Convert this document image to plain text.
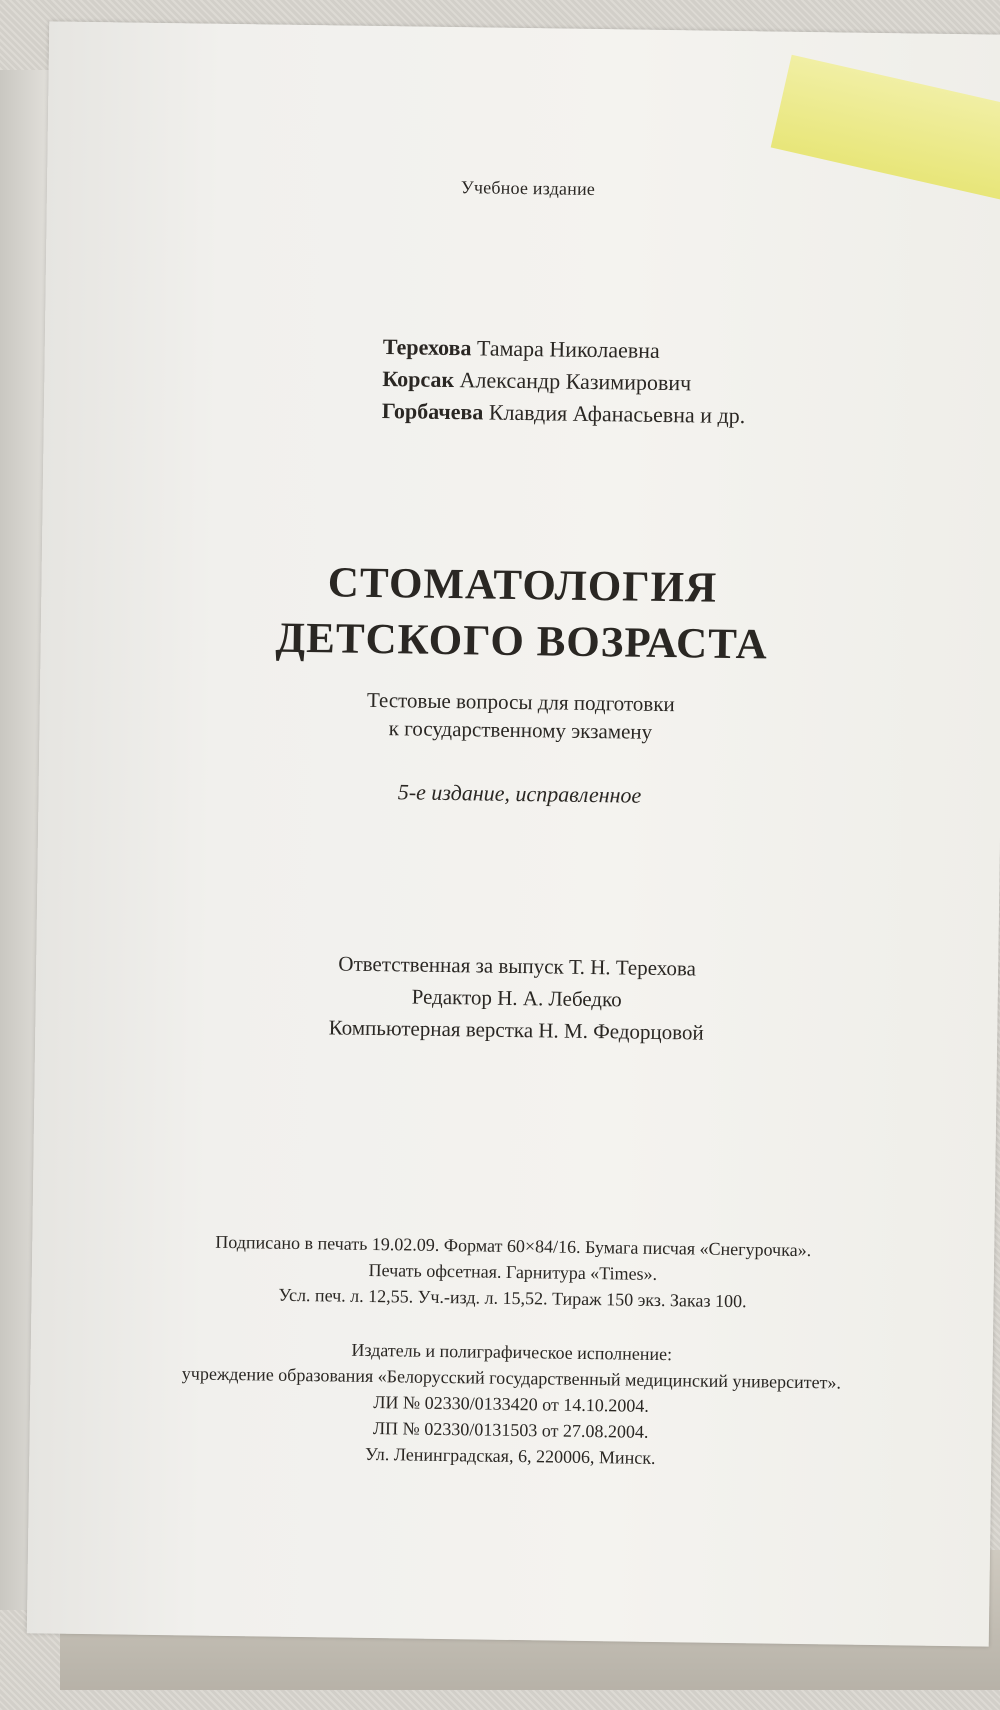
Учебное издание
Терехова Тамара Николаевна
Корсак Александр Казимирович
Горбачева Клавдия Афанасьевна и др.
СТОМАТОЛОГИЯ
ДЕТСКОГО ВОЗРАСТА
Тестовые вопросы для подготовки
к государственному экзамену
5-е издание, исправленное
Ответственная за выпуск Т. Н. Терехова
Редактор Н. А. Лебедко
Компьютерная верстка Н. М. Федорцовой
Подписано в печать 19.02.09. Формат 60×84/16. Бумага писчая «Снегурочка».
Печать офсетная. Гарнитура «Times».
Усл. печ. л. 12,55. Уч.-изд. л. 15,52. Тираж 150 экз. Заказ 100.
Издатель и полиграфическое исполнение:
учреждение образования «Белорусский государственный медицинский университет».
ЛИ № 02330/0133420 от 14.10.2004.
ЛП № 02330/0131503 от 27.08.2004.
Ул. Ленинградская, 6, 220006, Минск.
